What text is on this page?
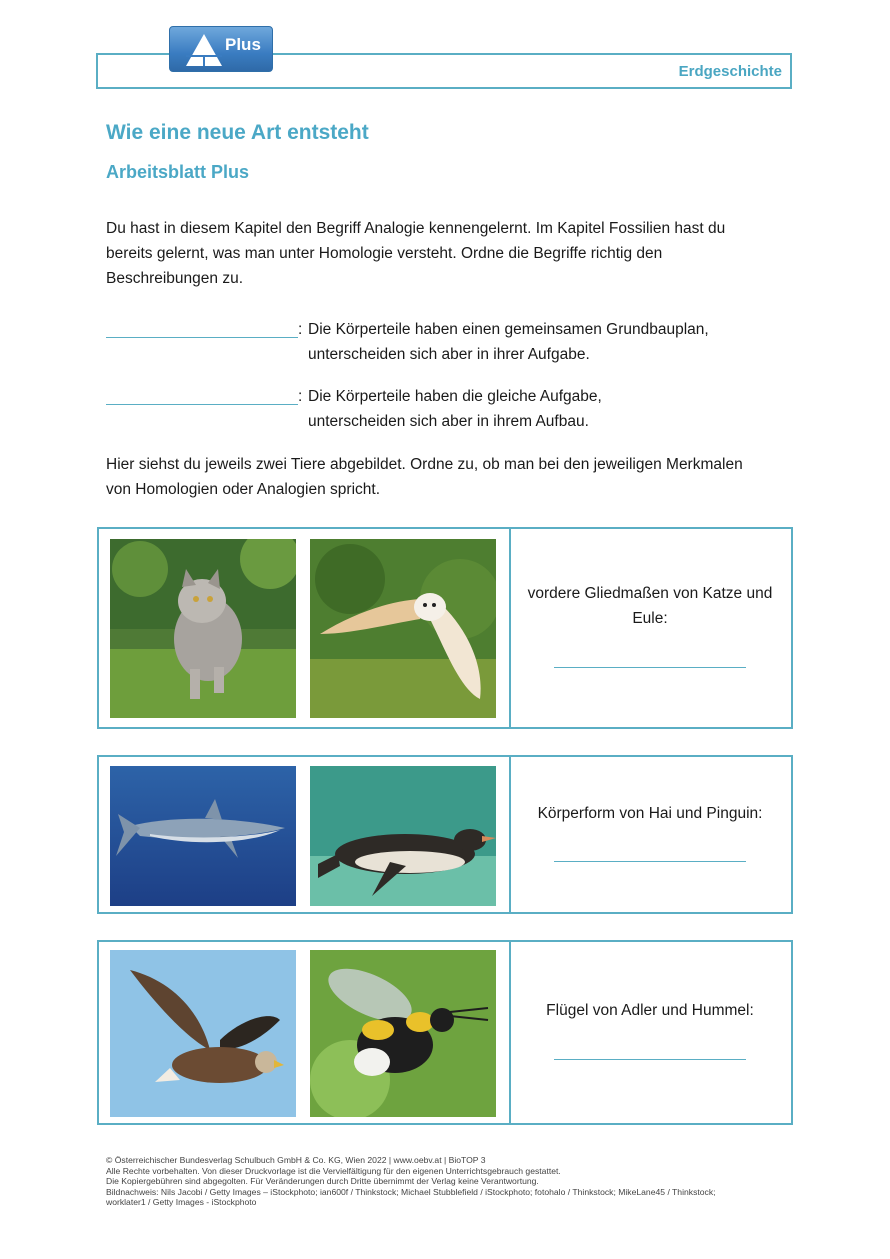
Erdgeschichte
Plus
Wie eine neue Art entsteht
Arbeitsblatt Plus
Du hast in diesem Kapitel den Begriff Analogie kennengelernt. Im Kapitel Fossilien hast du
bereits gelernt, was man unter Homologie versteht. Ordne die Begriffe richtig den
Beschreibungen zu.
: Die Körperteile haben einen gemeinsamen Grundbauplan,
unterscheiden sich aber in ihrer Aufgabe.
: Die Körperteile haben die gleiche Aufgabe,
unterscheiden sich aber in ihrem Aufbau.
Hier siehst du jeweils zwei Tiere abgebildet. Ordne zu, ob man bei den jeweiligen Merkmalen
von Homologien oder Analogien spricht.
vordere Gliedmaßen von Katze und
Eule:
Körperform von Hai und Pinguin:
Flügel von Adler und Hummel:
© Österreichischer Bundesverlag Schulbuch GmbH & Co. KG, Wien 2022 | www.oebv.at | BioTOP 3
Alle Rechte vorbehalten. Von dieser Druckvorlage ist die Vervielfältigung für den eigenen Unterrichtsgebrauch gestattet.
Die Kopiergebühren sind abgegolten. Für Veränderungen durch Dritte übernimmt der Verlag keine Verantwortung.
Bildnachweis: Nils Jacobi / Getty Images – iStockphoto; ian600f / Thinkstock; Michael Stubblefield / iStockphoto; fotohalo / Thinkstock; MikeLane45 / Thinkstock;
worklater1 / Getty Images - iStockphoto
